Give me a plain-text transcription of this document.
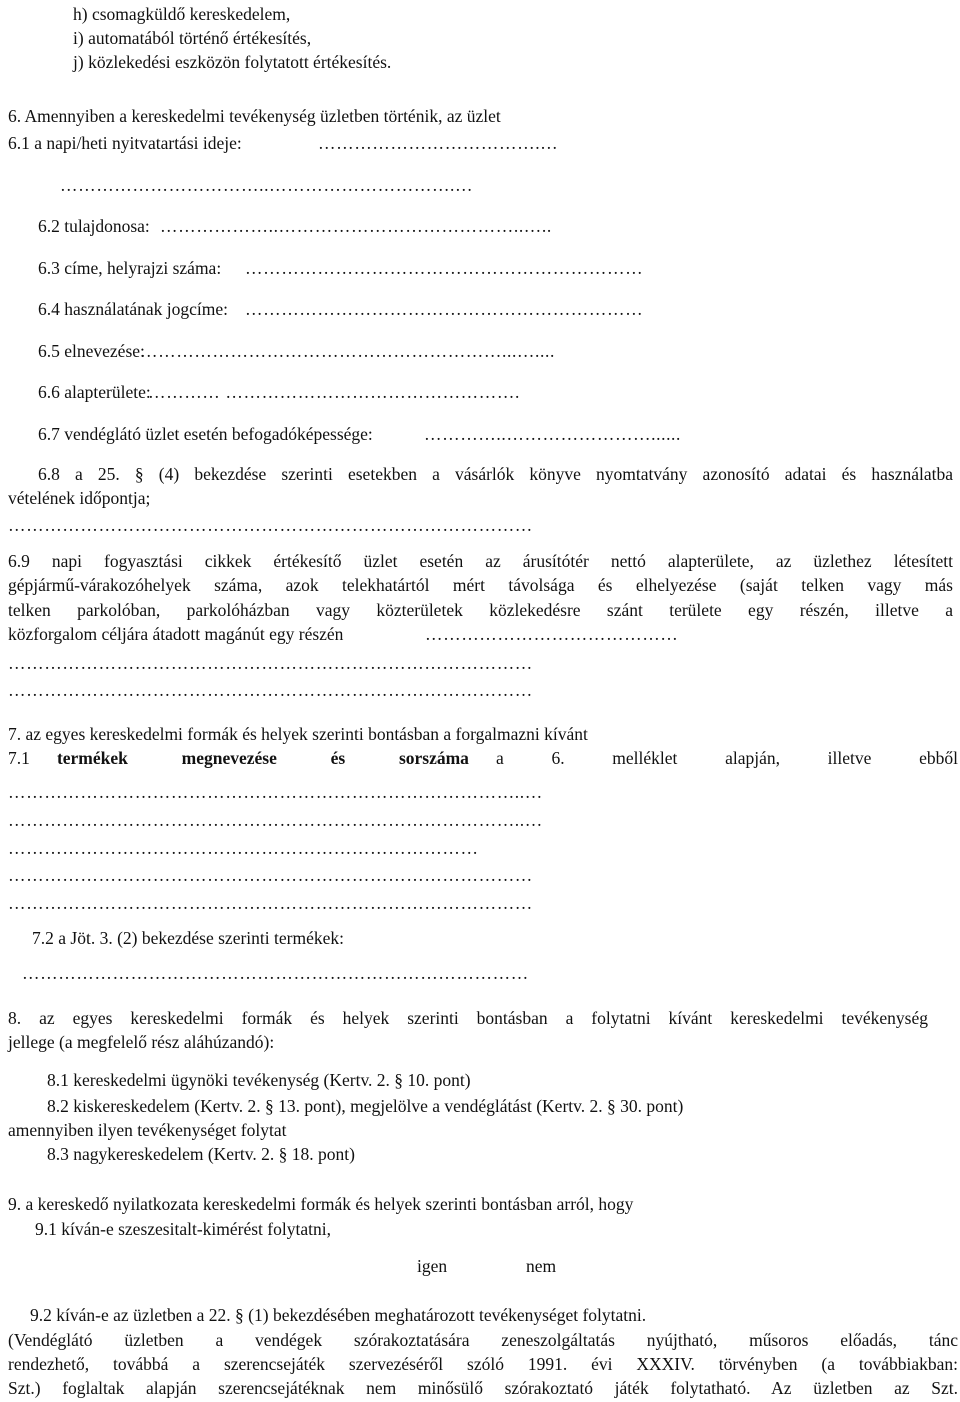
h) csomagküldő kereskedelem,
i) automatából történő értékesítés,
j) közlekedési eszközön folytatott értékesítés.
6. Amennyiben a kereskedelmi tevékenység üzletben történik, az üzlet
6.1 a napi/heti nyitvatartási ideje:	……………………………….…
……………………………..………………………….…
6.2 tulajdonosa: ………………..…………………………………..…..
6.3 címe, helyrajzi száma: …………………………………………………………
6.4 használatának jogcíme: …………………………………………………………
6.5 elnevezése:
……………………………………………………...…....
6.6 alapterülete:
………… ………………………………………….
6.7 vendéglátó üzlet esetén befogadóképessége:	…………..……………………......
6.8 a 25. § (4) bekezdése szerinti esetekben a vásárlók könyve nyomtatvány azonosító adatai és használatba
vételének időpontja;
……………………………………………………………………………
6.9 napi fogyasztási cikkek értékesítő üzlet esetén az árusítótér nettó alapterülete, az üzlethez létesített
gépjármű-várakozóhelyek száma, azok telekhatártól mért távolsága és elhelyezése (saját telken vagy más
telken parkolóban, parkolóházban vagy közterületek közlekedésre szánt területe egy részén, illetve a
közforgalom céljára átadott magánút egy részén	……………………………………
……………………………………………………………………………
……………………………………………………………………………
7. az egyes kereskedelmi formák és helyek szerinti bontásban a forgalmazni kívánt
7.1 termékek megnevezése és sorszáma a 6. melléklet alapján, illetve ebből
…………………………………………………………………………..…
…………………………………………………………………………..…
……………………………………………………………………
……………………………………………………………………………
……………………………………………………………………………
7.2 a Jöt. 3. (2) bekezdése szerinti termékek:
…………………………………………………………………………
8. az egyes kereskedelmi formák és helyek szerinti bontásban a folytatni kívánt kereskedelmi tevékenység
jellege (a megfelelő rész aláhúzandó):
8.1 kereskedelmi ügynöki tevékenység (Kertv. 2. § 10. pont)
8.2 kiskereskedelem (Kertv. 2. § 13. pont), megjelölve a vendéglátást (Kertv. 2. § 30. pont)
amennyiben ilyen tevékenységet folytat
8.3 nagykereskedelem (Kertv. 2. § 18. pont)
9. a kereskedő nyilatkozata kereskedelmi formák és helyek szerinti bontásban arról, hogy
9.1 kíván-e szeszesitalt-kimérést folytatni,
igen	nem
9.2 kíván-e az üzletben a 22. § (1) bekezdésében meghatározott tevékenységet folytatni.
(Vendéglátó üzletben a vendégek szórakoztatására zeneszolgáltatás nyújtható, műsoros előadás, tánc
rendezhető, továbbá a szerencsejáték szervezéséről szóló 1991. évi XXXIV. törvényben (a továbbiakban:
Szt.) foglaltak alapján szerencsejátéknak nem minősülő szórakoztató játék folytatható. Az üzletben az Szt.
